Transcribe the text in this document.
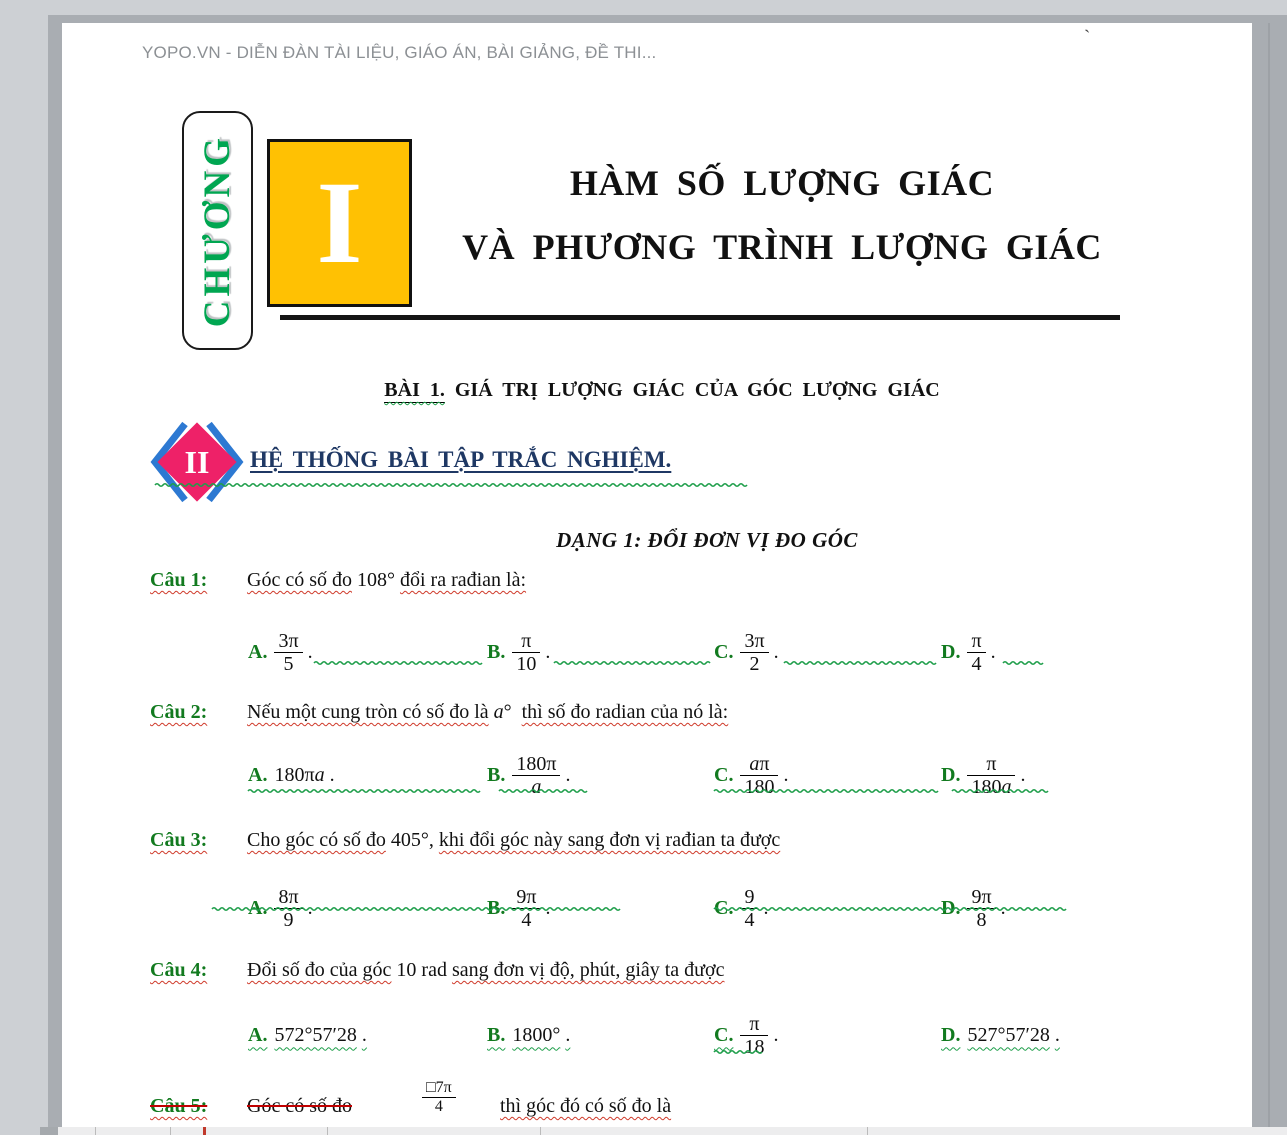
YOPO.VN - DIỄN ĐÀN TÀI LIỆU, GIÁO ÁN, BÀI GIẢNG, ĐỀ THI...
`
CHƯƠNG I	HÀM SỐ LƯỢNG GIÁC
VÀ PHƯƠNG TRÌNH LƯỢNG GIÁC
BÀI 1. GIÁ TRỊ LƯỢNG GIÁC CỦA GÓC LƯỢNG GIÁC
II HỆ THỐNG BÀI TẬP TRẮC NGHIỆM.
DẠNG 1: ĐỔI ĐƠN VỊ ĐO GÓC
Câu 1: Góc có số đo 108° đổi ra rađian là:
A. $\frac{3\pi}{5}$ .	B. $\frac{\pi}{10}$ .	C. $\frac{3\pi}{2}$ .	D. $\frac{\pi}{4}$ .
Câu 2: Nếu một cung tròn có số đo là a° thì số đo radian của nó là:
A. 180π a .	B. $\frac{180\pi}{a}$ .	C. $\frac{a\pi}{180}$ .	D. $\frac{\pi}{180a}$ .
Câu 3: Cho góc có số đo 405°, khi đổi góc này sang đơn vị rađian ta được
A. $\frac{8\pi}{9}$ .	B. $\frac{9\pi}{4}$ .	C. $\frac{9}{4}$ .	D. $\frac{9\pi}{8}$ .
Câu 4: Đổi số đo của góc 10 rad sang đơn vị độ, phút, giây ta được
A. 572°57′28 .	B. 1800° .	C. $\frac{\pi}{18}$ .	D. 527°57′28 .
Câu 5: Góc có số đo	$\frac{□7\pi}{4}$ thì góc đó có số đo là
